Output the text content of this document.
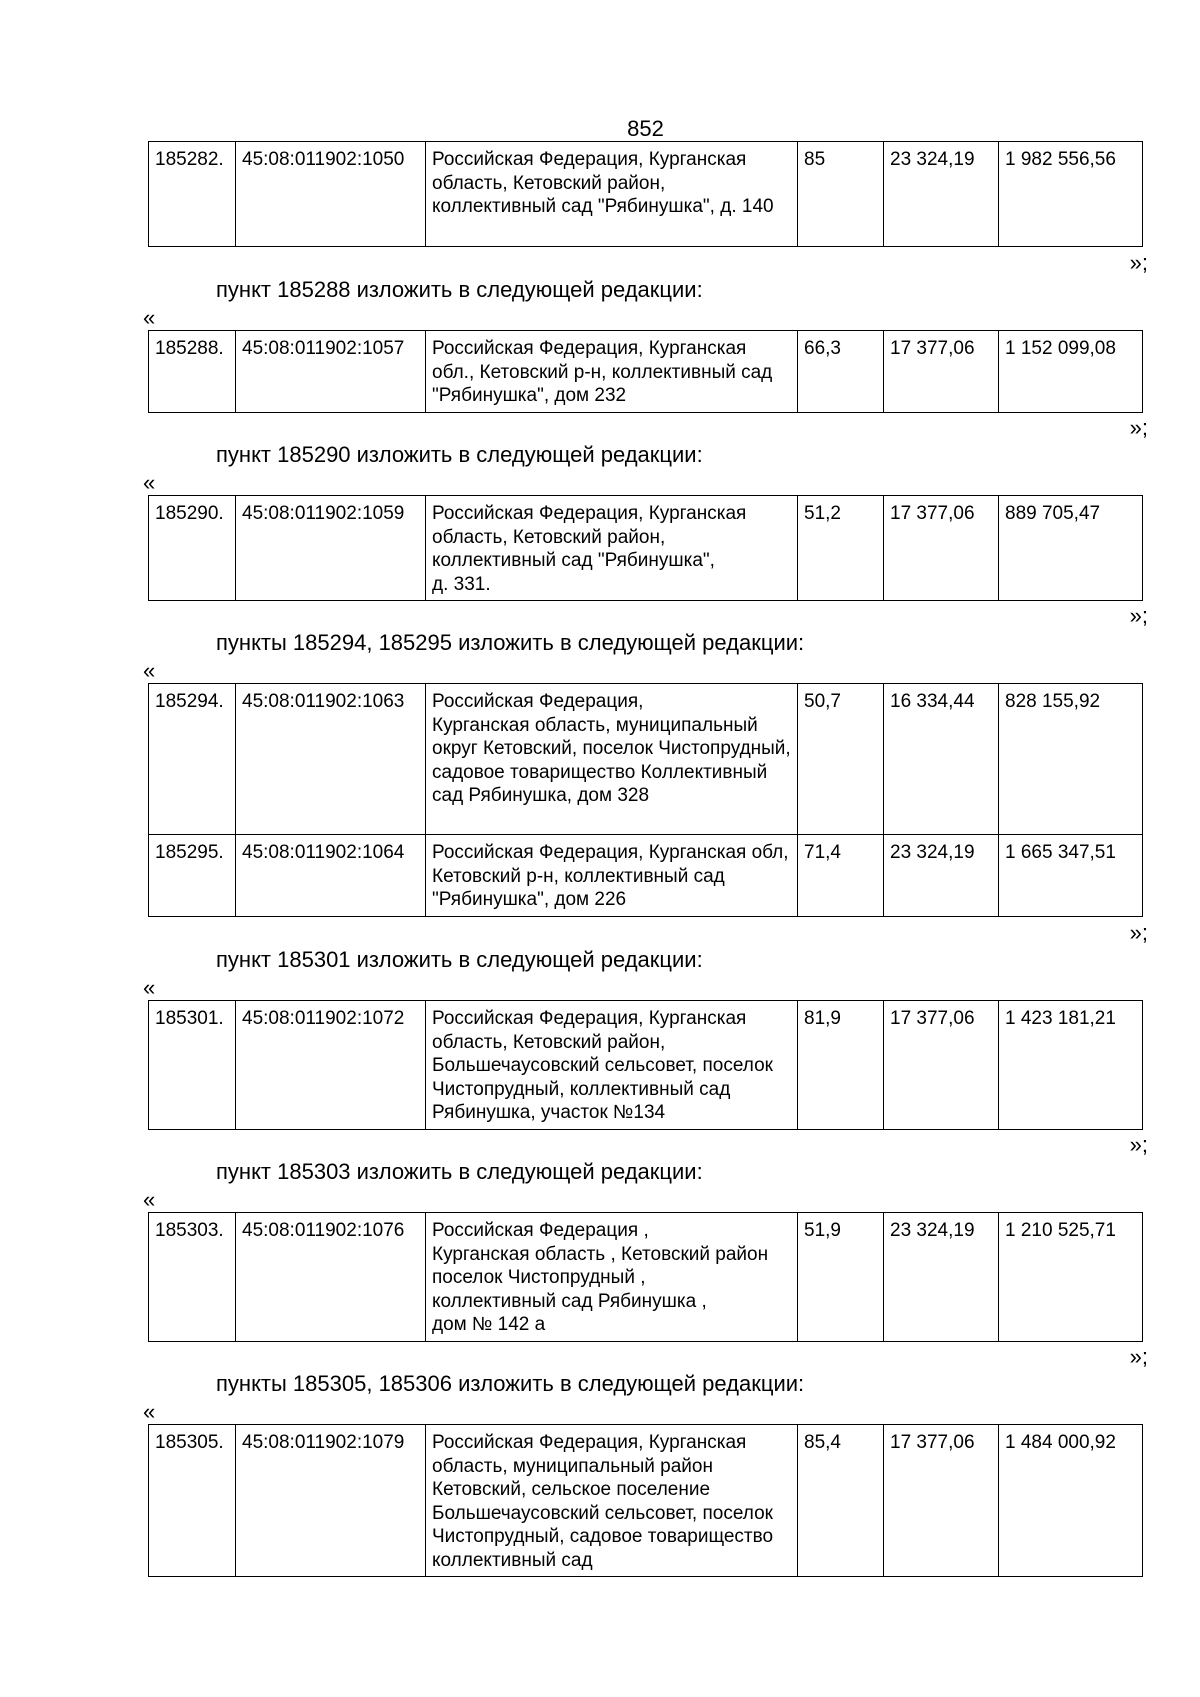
852
185282.	45:08:011902:1050	Российская Федерация, Курганская область, Кетовский район, коллективный сад "Рябинушка", д. 140	85	23 324,19	1 982 556,56
»;
пункт 185288 изложить в следующей редакции:
«
185288.	45:08:011902:1057	Российская Федерация, Курганская обл., Кетовский р-н, коллективный сад "Рябинушка", дом 232	66,3	17 377,06	1 152 099,08
»;
пункт 185290 изложить в следующей редакции:
«
185290.	45:08:011902:1059	Российская Федерация, Курганская область, Кетовский район, коллективный сад "Рябинушка",
д. 331.	51,2	17 377,06	889 705,47
»;
пункты 185294, 185295 изложить в следующей редакции:
«
185294.	45:08:011902:1063	Российская Федерация,
Курганская область, муниципальный округ Кетовский, поселок Чистопрудный, садовое товарищество Коллективный сад Рябинушка, дом 328	50,7	16 334,44	828 155,92
185295.	45:08:011902:1064	Российская Федерация, Курганская обл, Кетовский р-н, коллективный сад "Рябинушка", дом 226	71,4	23 324,19	1 665 347,51
»;
пункт 185301 изложить в следующей редакции:
«
185301.	45:08:011902:1072	Российская Федерация, Курганская область, Кетовский район, Большечаусовский сельсовет, поселок Чистопрудный, коллективный сад Рябинушка, участок №134	81,9	17 377,06	1 423 181,21
»;
пункт 185303 изложить в следующей редакции:
«
185303.	45:08:011902:1076	Российская Федерация ,
Курганская область , Кетовский район поселок Чистопрудный ,
коллективный сад Рябинушка ,
дом № 142 а	51,9	23 324,19	1 210 525,71
»;
пункты 185305, 185306 изложить в следующей редакции:
«
185305.	45:08:011902:1079	Российская Федерация, Курганская область, муниципальный район Кетовский, сельское поселение Большечаусовский сельсовет, поселок Чистопрудный, садовое товарищество коллективный сад	85,4	17 377,06	1 484 000,92
